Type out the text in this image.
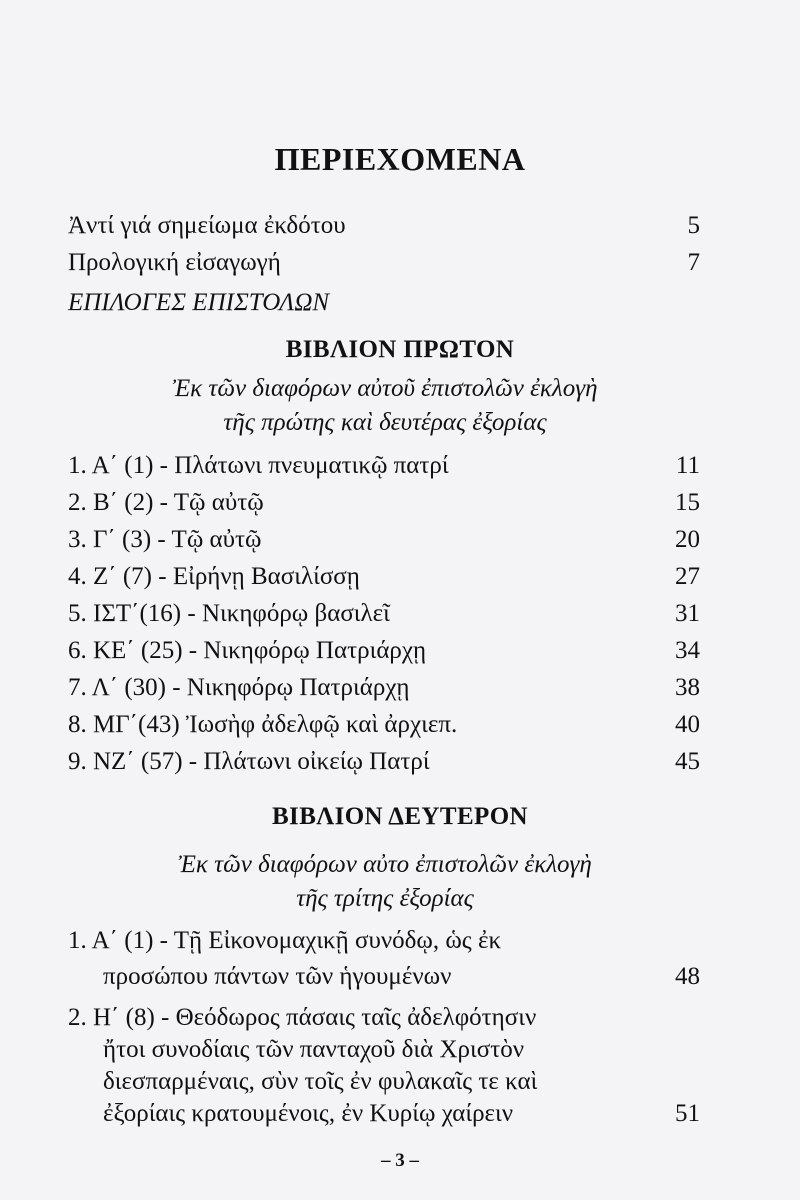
ΠΕΡΙΕΧΟΜΕΝΑ
Ἀντί γιά σημείωμα ἐκδότου	5
Προλογική εἰσαγωγή	7
ΕΠΙΛΟΓΕΣ ΕΠΙΣΤΟΛΩΝ
ΒΙΒΛΙΟΝ ΠΡΩΤΟΝ
Ἐκ τῶν διαφόρων αὐτοῦ ἐπιστολῶν ἐκλογὴ
τῆς πρώτης καὶ δευτέρας ἐξορίας
1. Α΄ (1) - Πλάτωνι πνευματικῷ πατρί	11
2. Β΄ (2) - Τῷ αὐτῷ	15
3. Γ΄ (3) - Τῷ αὐτῷ	20
4. Ζ΄ (7) - Εἰρήνῃ Βασιλίσσῃ	27
5. ΙΣΤ΄(16) - Νικηφόρῳ βασιλεῖ	31
6. ΚΕ΄ (25) - Νικηφόρῳ Πατριάρχῃ	34
7. Λ΄ (30) - Νικηφόρῳ Πατριάρχῃ	38
8. ΜΓ΄(43) Ἰωσὴφ ἀδελφῷ καὶ ἀρχιεπ.	40
9. ΝΖ΄ (57) - Πλάτωνι οἰκείῳ Πατρί	45
ΒΙΒΛΙΟΝ ΔΕΥΤΕΡΟΝ
Ἐκ τῶν διαφόρων αὐτο ἐπιστολῶν ἐκλογὴ
τῆς τρίτης ἐξορίας
1. Α΄ (1) - Τῇ Εἰκονομαχικῇ συνόδῳ, ὡς ἐκ
προσώπου πάντων τῶν ἡγουμένων	48
2. Η΄ (8) - Θεόδωρος πάσαις ταῖς ἀδελφότησιν
ἤτοι συνοδίαις τῶν πανταχοῦ διὰ Χριστὸν
διεσπαρμέναις, σὺν τοῖς ἐν φυλακαῖς τε καὶ
ἐξορίαις κρατουμένοις, ἐν Κυρίῳ χαίρειν	51
– 3 –
